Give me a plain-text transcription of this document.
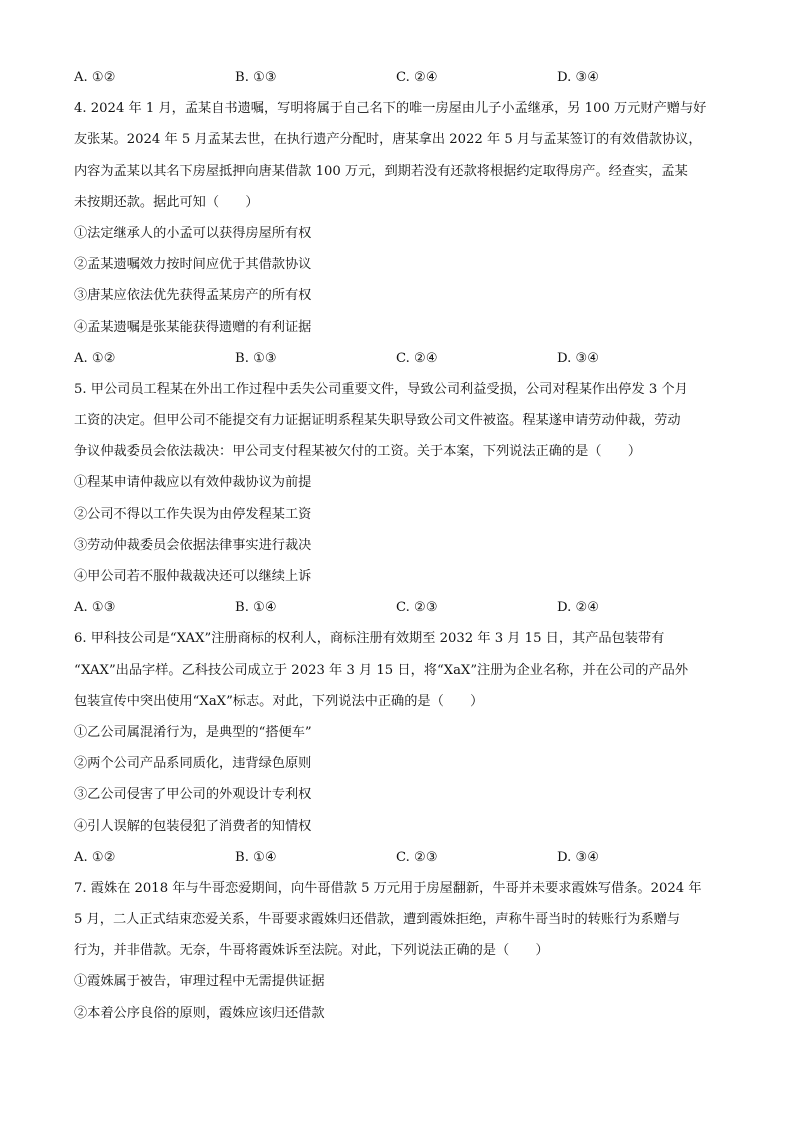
A. ①②	B. ①③	C. ②④	D. ③④
4. 2024 年 1 月，孟某自书遗嘱，写明将属于自己名下的唯一房屋由儿子小孟继承，另 100 万元财产赠与好
友张某。2024 年 5 月孟某去世，在执行遗产分配时，唐某拿出 2022 年 5 月与孟某签订的有效借款协议，
内容为孟某以其名下房屋抵押向唐某借款 100 万元，到期若没有还款将根据约定取得房产。经查实，孟某
未按期还款。据此可知（　　）
①法定继承人的小孟可以获得房屋所有权
②孟某遗嘱效力按时间应优于其借款协议
③唐某应依法优先获得孟某房产的所有权
④孟某遗嘱是张某能获得遗赠的有利证据
A. ①②	B. ①③	C. ②④	D. ③④
5. 甲公司员工程某在外出工作过程中丢失公司重要文件，导致公司利益受损，公司对程某作出停发 3 个月
工资的决定。但甲公司不能提交有力证据证明系程某失职导致公司文件被盗。程某遂申请劳动仲裁，劳动
争议仲裁委员会依法裁决：甲公司支付程某被欠付的工资。关于本案，下列说法正确的是（　　）
①程某申请仲裁应以有效仲裁协议为前提
②公司不得以工作失误为由停发程某工资
③劳动仲裁委员会依据法律事实进行裁决
④甲公司若不服仲裁裁决还可以继续上诉
A. ①③	B. ①④	C. ②③	D. ②④
6. 甲科技公司是“XAX”注册商标的权利人，商标注册有效期至 2032 年 3 月 15 日，其产品包装带有
“XAX”出品字样。乙科技公司成立于 2023 年 3 月 15 日，将“XaX”注册为企业名称，并在公司的产品外
包装宣传中突出使用“XaX”标志。对此，下列说法中正确的是（　　）
①乙公司属混淆行为，是典型的“搭便车”
②两个公司产品系同质化，违背绿色原则
③乙公司侵害了甲公司的外观设计专利权
④引人误解的包装侵犯了消费者的知情权
A. ①②	B. ①④	C. ②③	D. ③④
7. 霞姝在 2018 年与牛哥恋爱期间，向牛哥借款 5 万元用于房屋翻新，牛哥并未要求霞姝写借条。2024 年
5 月，二人正式结束恋爱关系，牛哥要求霞姝归还借款，遭到霞姝拒绝，声称牛哥当时的转账行为系赠与
行为，并非借款。无奈，牛哥将霞姝诉至法院。对此，下列说法正确的是（　　）
①霞姝属于被告，审理过程中无需提供证据
②本着公序良俗的原则，霞姝应该归还借款
